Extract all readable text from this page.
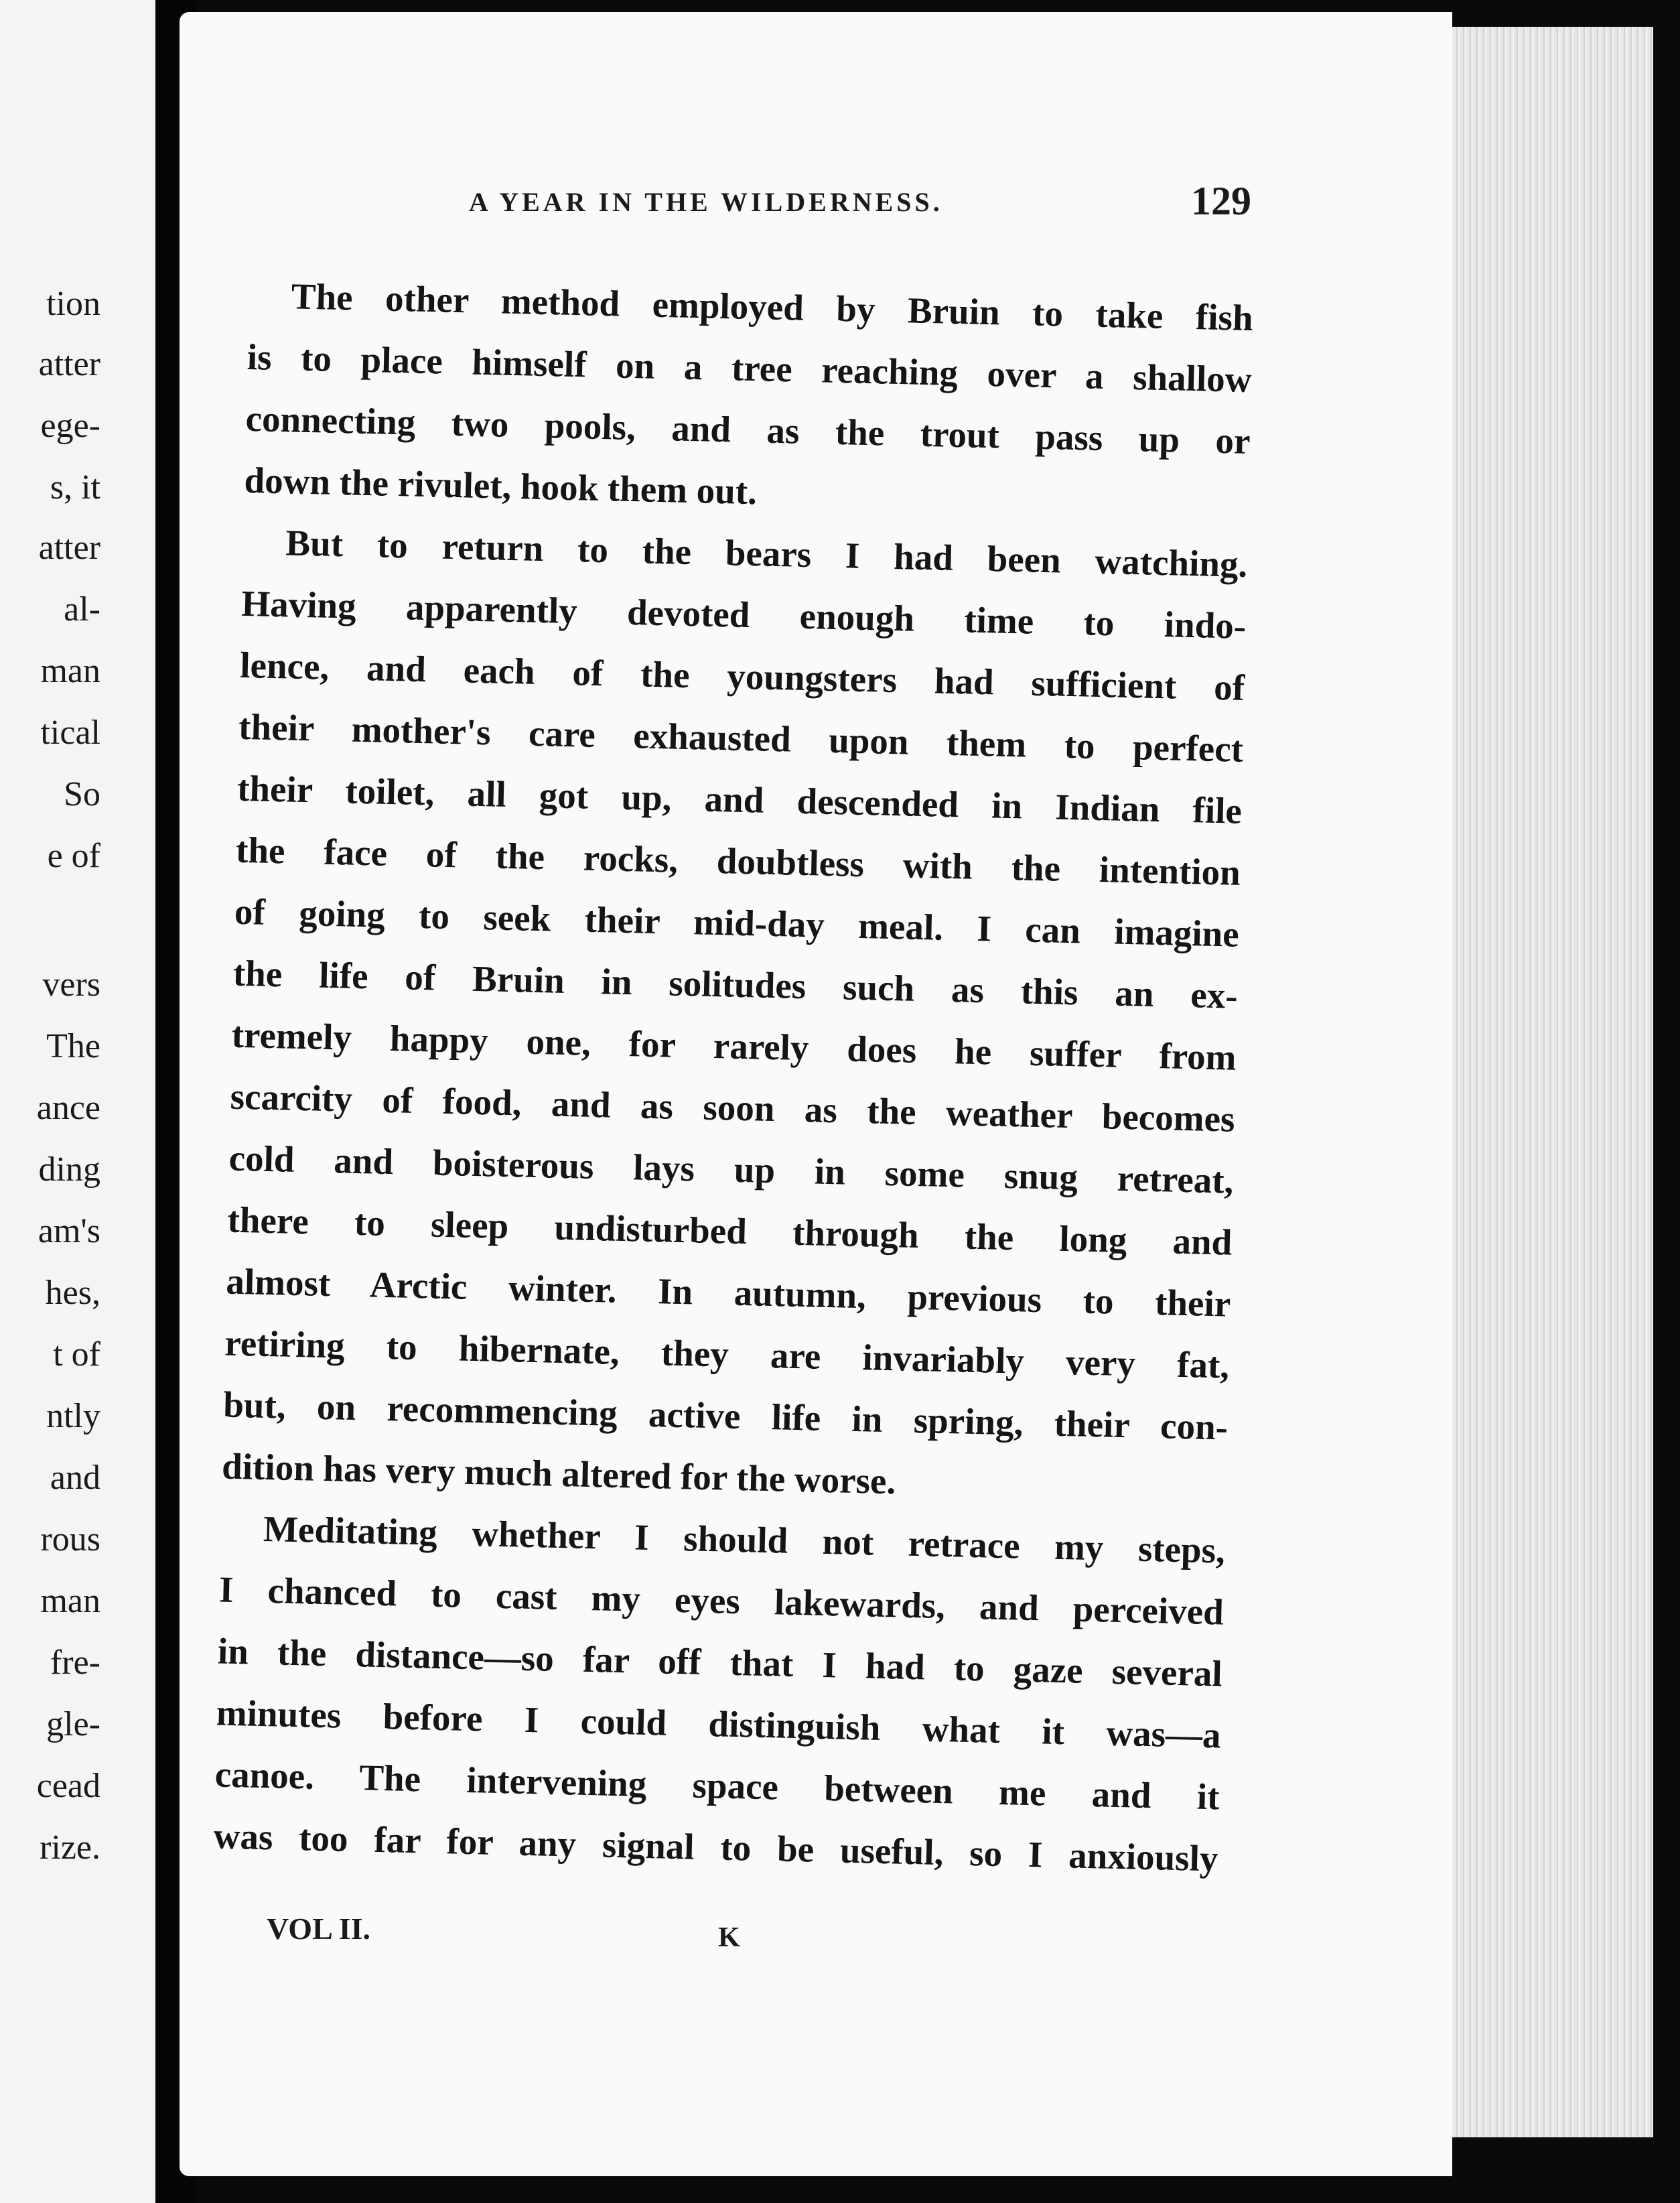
tion
atter
ege-
s, it
atter
al-
man
tical
So
e of
vers
The
ance
ding
am's
hes,
t of
ntly
and
rous
man
fre-
gle-
cead
rize.
A YEAR IN THE WILDERNESS.	129
The other method employed by Bruin to take fish
is to place himself on a tree reaching over a shallow
connecting two pools, and as the trout pass up or
down the rivulet, hook them out.
But to return to the bears I had been watching.
Having apparently devoted enough time to indo-
lence, and each of the youngsters had sufficient of
their mother's care exhausted upon them to perfect
their toilet, all got up, and descended in Indian file
the face of the rocks, doubtless with the intention
of going to seek their mid-day meal. I can imagine
the life of Bruin in solitudes such as this an ex-
tremely happy one, for rarely does he suffer from
scarcity of food, and as soon as the weather becomes
cold and boisterous lays up in some snug retreat,
there to sleep undisturbed through the long and
almost Arctic winter. In autumn, previous to their
retiring to hibernate, they are invariably very fat,
but, on recommencing active life in spring, their con-
dition has very much altered for the worse.
Meditating whether I should not retrace my steps,
I chanced to cast my eyes lakewards, and perceived
in the distance—so far off that I had to gaze several
minutes before I could distinguish what it was—a
canoe. The intervening space between me and it
was too far for any signal to be useful, so I anxiously
VOL II.	K
